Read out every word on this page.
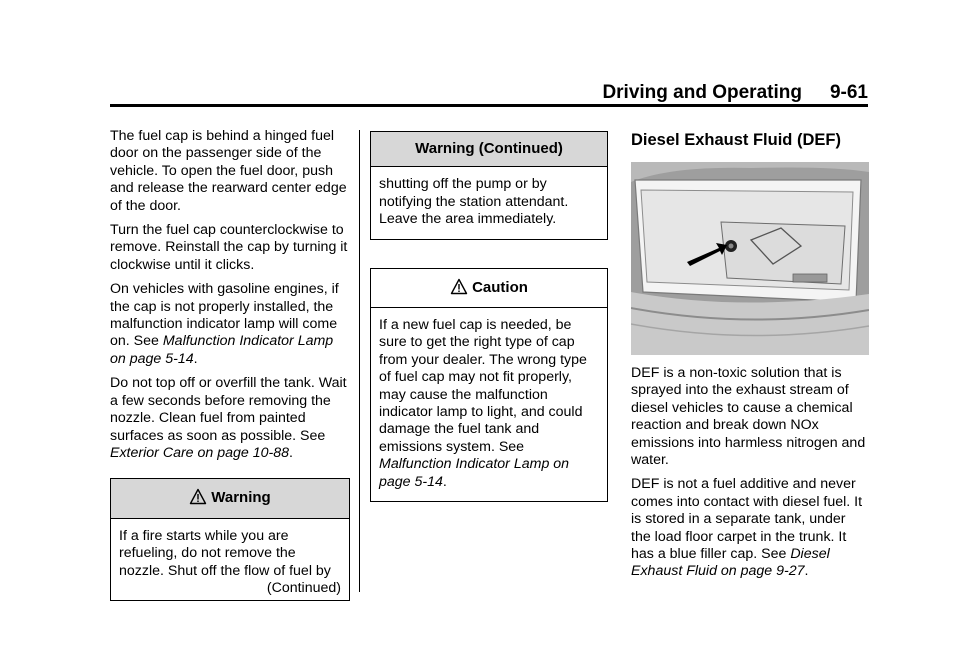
Driving and Operating 9-61

The fuel cap is behind a hinged fuel door on the passenger side of the vehicle. To open the fuel door, push and release the rearward center edge of the door.

Turn the fuel cap counterclockwise to remove. Reinstall the cap by turning it clockwise until it clicks.

On vehicles with gasoline engines, if the cap is not properly installed, the malfunction indicator lamp will come on. See Malfunction Indicator Lamp on page 5-14.

Do not top off or overfill the tank. Wait a few seconds before removing the nozzle. Clean fuel from painted surfaces as soon as possible. See Exterior Care on page 10-88.

Warning

If a fire starts while you are refueling, do not remove the nozzle. Shut off the flow of fuel by

(Continued)

Warning (Continued)

shutting off the pump or by notifying the station attendant. Leave the area immediately.

Caution

If a new fuel cap is needed, be sure to get the right type of cap from your dealer. The wrong type of fuel cap may not fit properly, may cause the malfunction indicator lamp to light, and could damage the fuel tank and emissions system. See Malfunction Indicator Lamp on page 5-14.

Diesel Exhaust Fluid (DEF)

DEF is a non-toxic solution that is sprayed into the exhaust stream of diesel vehicles to cause a chemical reaction and break down NOx emissions into harmless nitrogen and water.

DEF is not a fuel additive and never comes into contact with diesel fuel. It is stored in a separate tank, under the load floor carpet in the trunk. It has a blue filler cap. See Diesel Exhaust Fluid on page 9-27.
